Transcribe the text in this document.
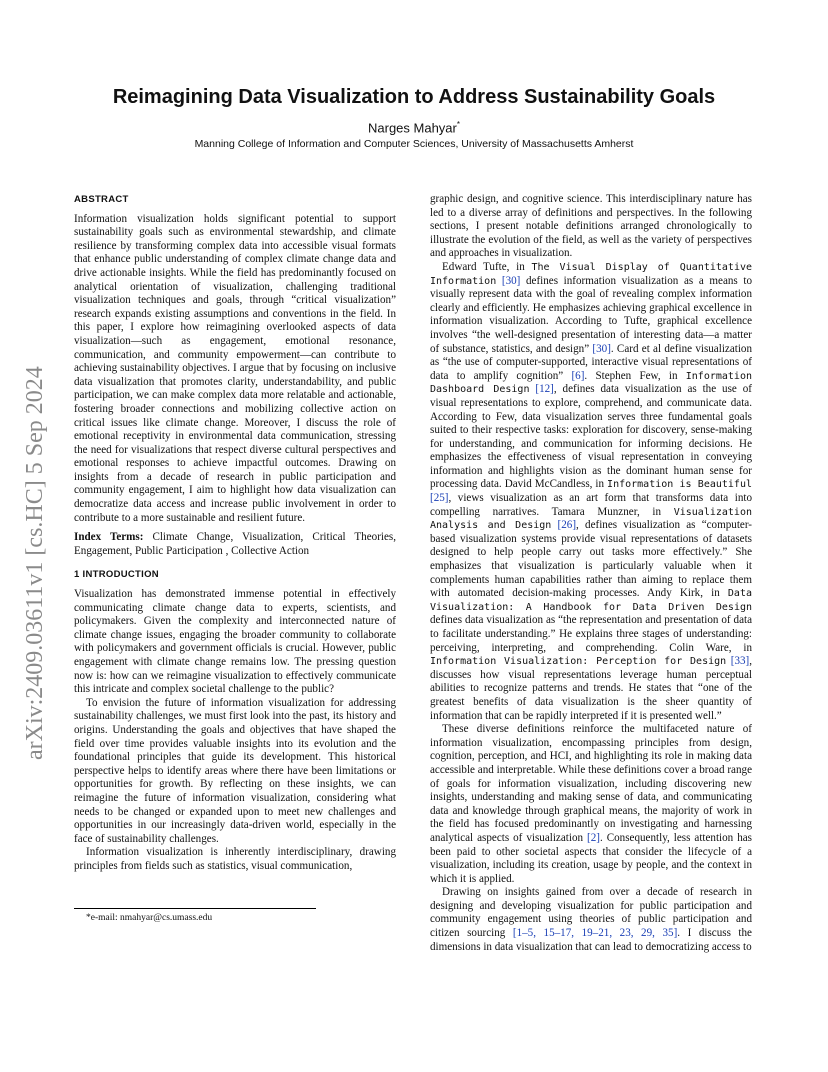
arXiv:2409.03611v1 [cs.HC] 5 Sep 2024
Reimagining Data Visualization to Address Sustainability Goals
Narges Mahyar*
Manning College of Information and Computer Sciences, University of Massachusetts Amherst
ABSTRACT

Information visualization holds significant potential to support sustainability goals such as environmental stewardship, and climate resilience by transforming complex data into accessible visual formats that enhance public understanding of complex climate change data and drive actionable insights. While the field has predominantly focused on analytical orientation of visualization, challenging traditional visualization techniques and goals, through “critical visualization” research expands existing assumptions and conventions in the field. In this paper, I explore how reimagining overlooked aspects of data visualization—such as engagement, emotional resonance, communication, and community empowerment—can contribute to achieving sustainability objectives. I argue that by focusing on inclusive data visualization that promotes clarity, understandability, and public participation, we can make complex data more relatable and actionable, fostering broader connections and mobilizing collective action on critical issues like climate change. Moreover, I discuss the role of emotional receptivity in environmental data communication, stressing the need for visualizations that respect diverse cultural perspectives and emotional responses to achieve impactful outcomes. Drawing on insights from a decade of research in public participation and community engagement, I aim to highlight how data visualization can democratize data access and increase public involvement in order to contribute to a more sustainable and resilient future.

Index Terms: Climate Change, Visualization, Critical Theories, Engagement, Public Participation , Collective Action

1 INTRODUCTION

Visualization has demonstrated immense potential in effectively communicating climate change data to experts, scientists, and policymakers. Given the complexity and interconnected nature of climate change issues, engaging the broader community to collaborate with policymakers and government officials is crucial. However, public engagement with climate change remains low. The pressing question now is: how can we reimagine visualization to effectively communicate this intricate and complex societal challenge to the public?

To envision the future of information visualization for addressing sustainability challenges, we must first look into the past, its history and origins. Understanding the goals and objectives that have shaped the field over time provides valuable insights into its evolution and the foundational principles that guide its development. This historical perspective helps to identify areas where there have been limitations or opportunities for growth. By reflecting on these insights, we can reimagine the future of information visualization, considering what needs to be changed or expanded upon to meet new challenges and opportunities in our increasingly data-driven world, especially in the face of sustainability challenges.

Information visualization is inherently interdisciplinary, drawing principles from fields such as statistics, visual communication,

*e-mail: nmahyar@cs.umass.edu

graphic design, and cognitive science. This interdisciplinary nature has led to a diverse array of definitions and perspectives. In the following sections, I present notable definitions arranged chronologically to illustrate the evolution of the field, as well as the variety of perspectives and approaches in visualization.

Edward Tufte, in The Visual Display of Quantitative Information [30] defines information visualization as a means to visually represent data with the goal of revealing complex information clearly and efficiently. He emphasizes achieving graphical excellence in information visualization. According to Tufte, graphical excellence involves “the well-designed presentation of interesting data—a matter of substance, statistics, and design” [30]. Card et al define visualization as “the use of computer-supported, interactive visual representations of data to amplify cognition” [6]. Stephen Few, in Information Dashboard Design [12], defines data visualization as the use of visual representations to explore, comprehend, and communicate data. According to Few, data visualization serves three fundamental goals suited to their respective tasks: exploration for discovery, sense-making for understanding, and communication for informing decisions. He emphasizes the effectiveness of visual representation in conveying information and highlights vision as the dominant human sense for processing data. David McCandless, in Information is Beautiful [25], views visualization as an art form that transforms data into compelling narratives. Tamara Munzner, in Visualization Analysis and Design [26], defines visualization as “computer-based visualization systems provide visual representations of datasets designed to help people carry out tasks more effectively.” She emphasizes that visualization is particularly valuable when it complements human capabilities rather than aiming to replace them with automated decision-making processes. Andy Kirk, in Data Visualization: A Handbook for Data Driven Design defines data visualization as “the representation and presentation of data to facilitate understanding.” He explains three stages of understanding: perceiving, interpreting, and comprehending. Colin Ware, in Information Visualization: Perception for Design [33], discusses how visual representations leverage human perceptual abilities to recognize patterns and trends. He states that “one of the greatest benefits of data visualization is the sheer quantity of information that can be rapidly interpreted if it is presented well.”

These diverse definitions reinforce the multifaceted nature of information visualization, encompassing principles from design, cognition, perception, and HCI, and highlighting its role in making data accessible and interpretable. While these definitions cover a broad range of goals for information visualization, including discovering new insights, understanding and making sense of data, and communicating data and knowledge through graphical means, the majority of work in the field has focused predominantly on investigating and harnessing analytical aspects of visualization [2]. Consequently, less attention has been paid to other societal aspects that consider the lifecycle of a visualization, including its creation, usage by people, and the context in which it is applied.

Drawing on insights gained from over a decade of research in designing and developing visualization for public participation and community engagement using theories of public participation and citizen sourcing [1–5, 15–17, 19–21, 23, 29, 35]. I discuss the dimensions in data visualization that can lead to democratizing access to
